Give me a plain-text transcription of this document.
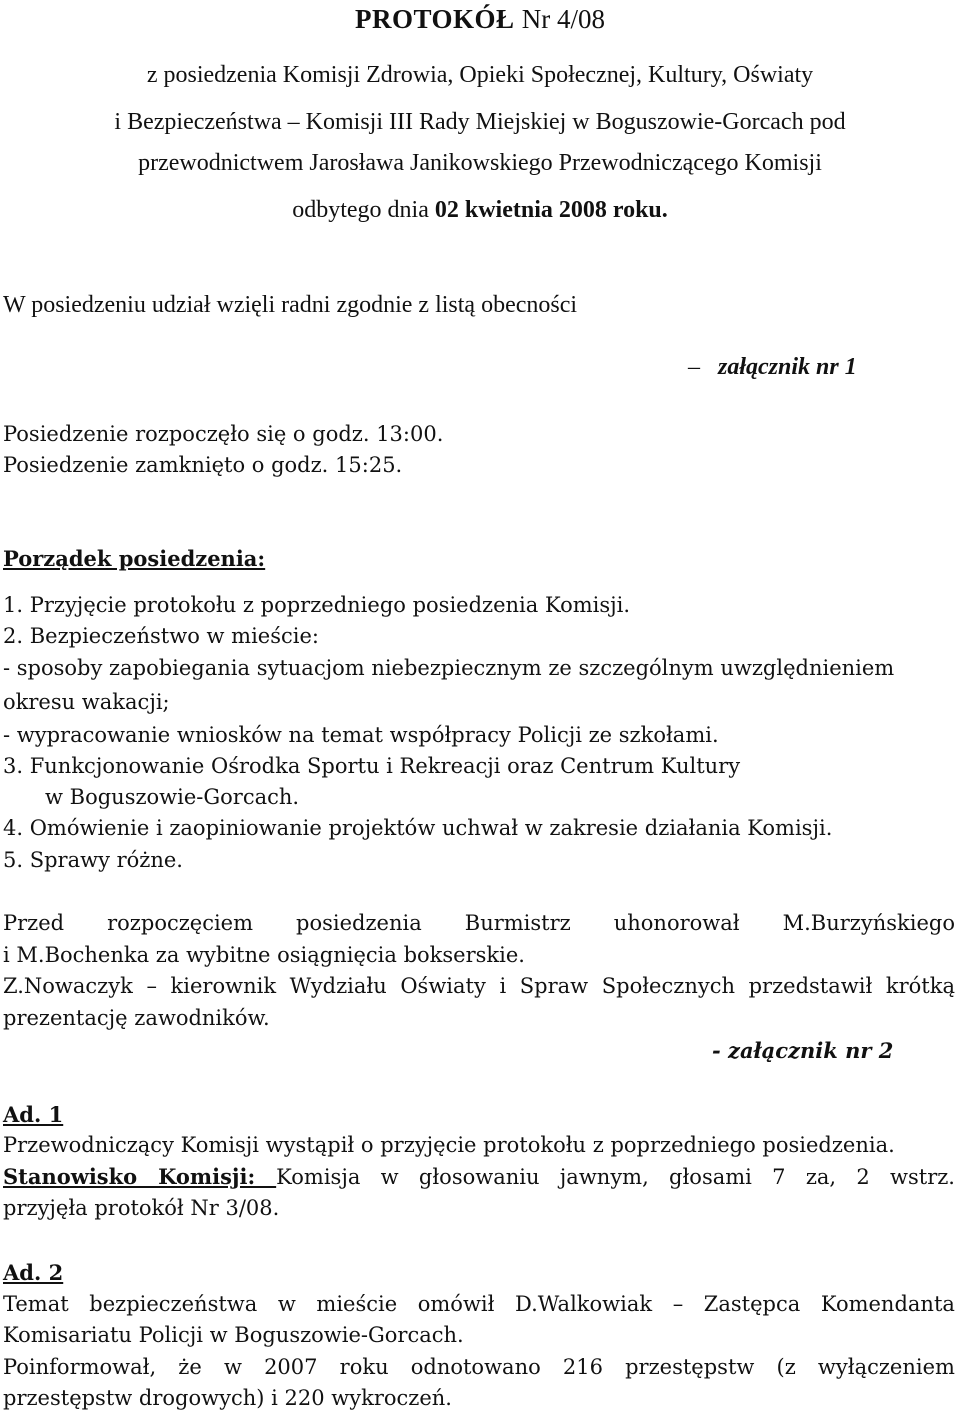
PROTOKÓŁ Nr 4/08
z posiedzenia Komisji Zdrowia, Opieki Społecznej, Kultury, Oświaty
i Bezpieczeństwa – Komisji III Rady Miejskiej w Boguszowie-Gorcach pod
przewodnictwem Jarosława Janikowskiego Przewodniczącego Komisji
odbytego dnia 02 kwietnia 2008 roku.
W posiedzeniu udział wzięli radni zgodnie z listą obecności
– załącznik nr 1
Posiedzenie rozpoczęło się o godz. 13:00.
Posiedzenie zamknięto o godz. 15:25.
Porządek posiedzenia:
1. Przyjęcie protokołu z poprzedniego posiedzenia Komisji.
2. Bezpieczeństwo w mieście:
- sposoby zapobiegania sytuacjom niebezpiecznym ze szczególnym uwzględnieniem
okresu wakacji;
- wypracowanie wniosków na temat współpracy Policji ze szkołami.
3. Funkcjonowanie Ośrodka Sportu i Rekreacji oraz Centrum Kultury
w Boguszowie-Gorcach.
4. Omówienie i zaopiniowanie projektów uchwał w zakresie działania Komisji.
5. Sprawy różne.
Przed rozpoczęciem posiedzenia Burmistrz uhonorował M.Burzyńskiego
i M.Bochenka za wybitne osiągnięcia bokserskie.
Z.Nowaczyk – kierownik Wydziału Oświaty i Spraw Społecznych przedstawił krótką
prezentację zawodników.
- załącznik nr 2
Ad. 1
Przewodniczący Komisji wystąpił o przyjęcie protokołu z poprzedniego posiedzenia.
Stanowisko Komisji: Komisja w głosowaniu jawnym, głosami 7 za, 2 wstrz.
przyjęła protokół Nr 3/08.
Ad. 2
Temat bezpieczeństwa w mieście omówił D.Walkowiak – Zastępca Komendanta
Komisariatu Policji w Boguszowie-Gorcach.
Poinformował, że w 2007 roku odnotowano 216 przestępstw (z wyłączeniem
przestępstw drogowych) i 220 wykroczeń.
